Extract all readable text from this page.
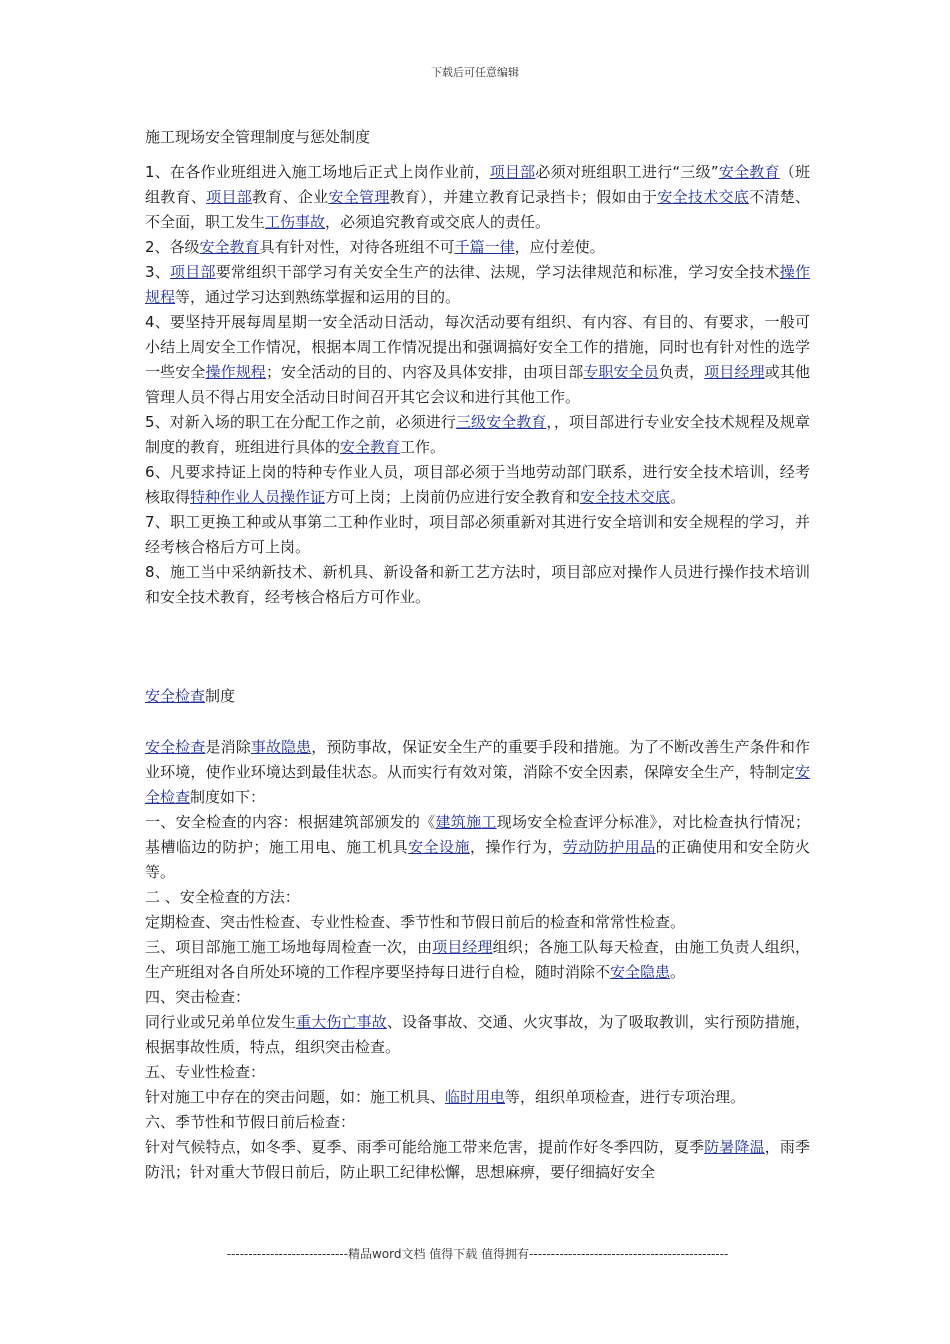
下载后可任意编辑
施工现场安全管理制度与惩处制度

1、在各作业班组进入施工场地后正式上岗作业前，项目部必须对班组职工进行“三级”安全教育（班组教育、项目部教育、企业安全管理教育），并建立教育记录挡卡；假如由于安全技术交底不清楚、不全面，职工发生工伤事故，必须追究教育或交底人的责任。

2、各级安全教育具有针对性，对待各班组不可千篇一律，应付差使。

3、项目部要常组织干部学习有关安全生产的法律、法规，学习法律规范和标准，学习安全技术操作规程等，通过学习达到熟练掌握和运用的目的。

4、要坚持开展每周星期一安全活动日活动，每次活动要有组织、有内容、有目的、有要求，一般可小结上周安全工作情况，根据本周工作情况提出和强调搞好安全工作的措施，同时也有针对性的选学一些安全操作规程；安全活动的目的、内容及具体安排，由项目部专职安全员负责，项目经理或其他管理人员不得占用安全活动日时间召开其它会议和进行其他工作。

5、对新入场的职工在分配工作之前，必须进行三级安全教育，，项目部进行专业安全技术规程及规章制度的教育，班组进行具体的安全教育工作。

6、凡要求持证上岗的特种专作业人员，项目部必须于当地劳动部门联系，进行安全技术培训，经考核取得特种作业人员操作证方可上岗；上岗前仍应进行安全教育和安全技术交底。

7、职工更换工种或从事第二工种作业时，项目部必须重新对其进行安全培训和安全规程的学习，并经考核合格后方可上岗。

8、施工当中采纳新技术、新机具、新设备和新工艺方法时，项目部应对操作人员进行操作技术培训和安全技术教育，经考核合格后方可作业。

安全检查制度

安全检查是消除事故隐患，预防事故，保证安全生产的重要手段和措施。为了不断改善生产条件和作业环境，使作业环境达到最佳状态。从而实行有效对策，消除不安全因素，保障安全生产，特制定安全检查制度如下：

一、安全检查的内容：根据建筑部颁发的《建筑施工现场安全检查评分标准》，对比检查执行情况；基槽临边的防护；施工用电、施工机具安全设施，操作行为，劳动防护用品的正确使用和安全防火等。

二 、安全检查的方法：

定期检查、突击性检查、专业性检查、季节性和节假日前后的检查和常常性检查。

三、项目部施工施工场地每周检查一次，由项目经理组织；各施工队每天检查，由施工负责人组织，生产班组对各自所处环境的工作程序要坚持每日进行自检，随时消除不安全隐患。

四、突击检查：

同行业或兄弟单位发生重大伤亡事故、设备事故、交通、火灾事故，为了吸取教训，实行预防措施，根据事故性质，特点，组织突击检查。

五、专业性检查：

针对施工中存在的突击问题，如：施工机具、临时用电等，组织单项检查，进行专项治理。

六、季节性和节假日前后检查：

针对气候特点，如冬季、夏季、雨季可能给施工带来危害，提前作好冬季四防，夏季防暑降温，雨季防汛；针对重大节假日前后，防止职工纪律松懈，思想麻痹，要仔细搞好安全

----------------------------精品word文档 值得下载 值得拥有----------------------------------------------
